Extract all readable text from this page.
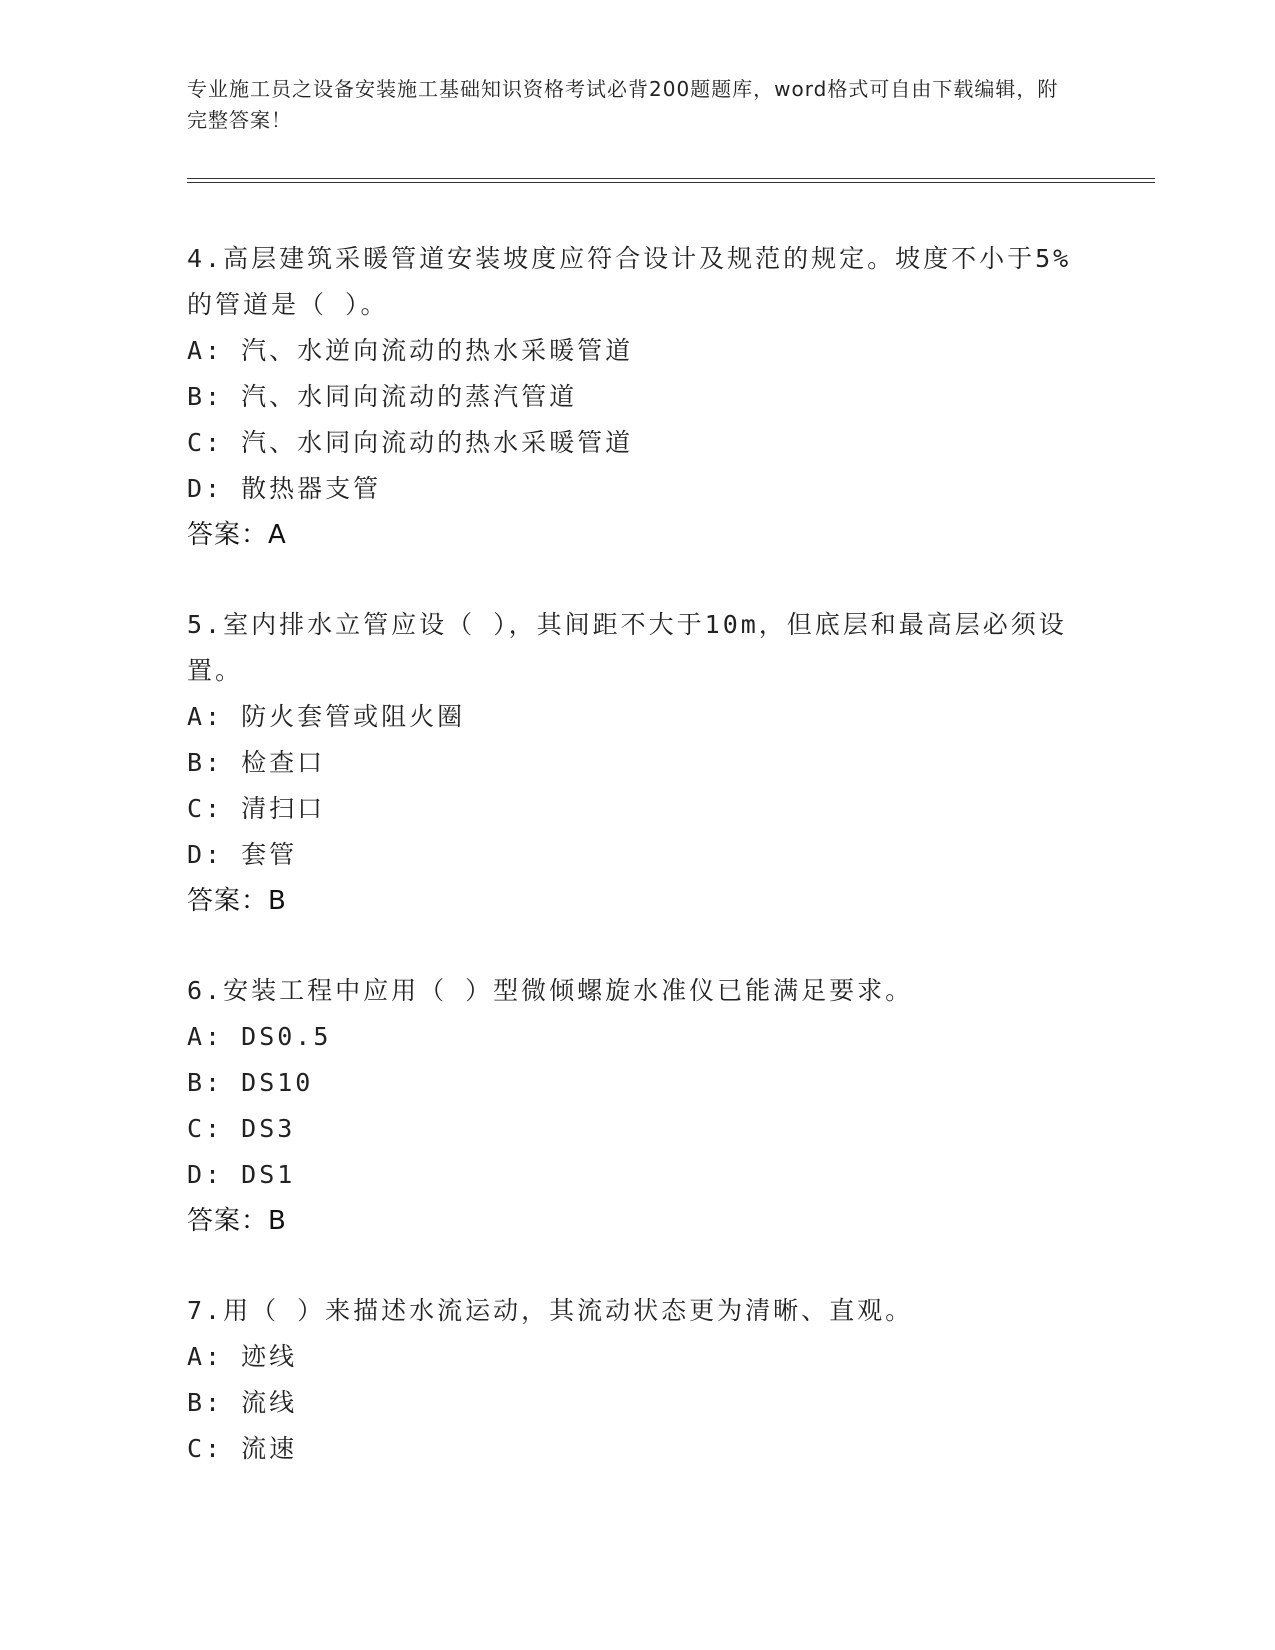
专业施工员之设备安装施工基础知识资格考试必背200题题库，word格式可自由下载编辑，附完整答案！

4.高层建筑采暖管道安装坡度应符合设计及规范的规定。坡度不小于5%的管道是（ ）。

A: 汽、水逆向流动的热水采暖管道

B: 汽、水同向流动的蒸汽管道

C: 汽、水同向流动的热水采暖管道

D: 散热器支管

答案：A

5.室内排水立管应设（ ），其间距不大于10m，但底层和最高层必须设置。

A: 防火套管或阻火圈

B: 检查口

C: 清扫口

D: 套管

答案：B

6.安装工程中应用（ ）型微倾螺旋水准仪已能满足要求。

A: DS0.5

B: DS10

C: DS3

D: DS1

答案：B

7.用（ ）来描述水流运动，其流动状态更为清晰、直观。

A: 迹线

B: 流线

C: 流速
